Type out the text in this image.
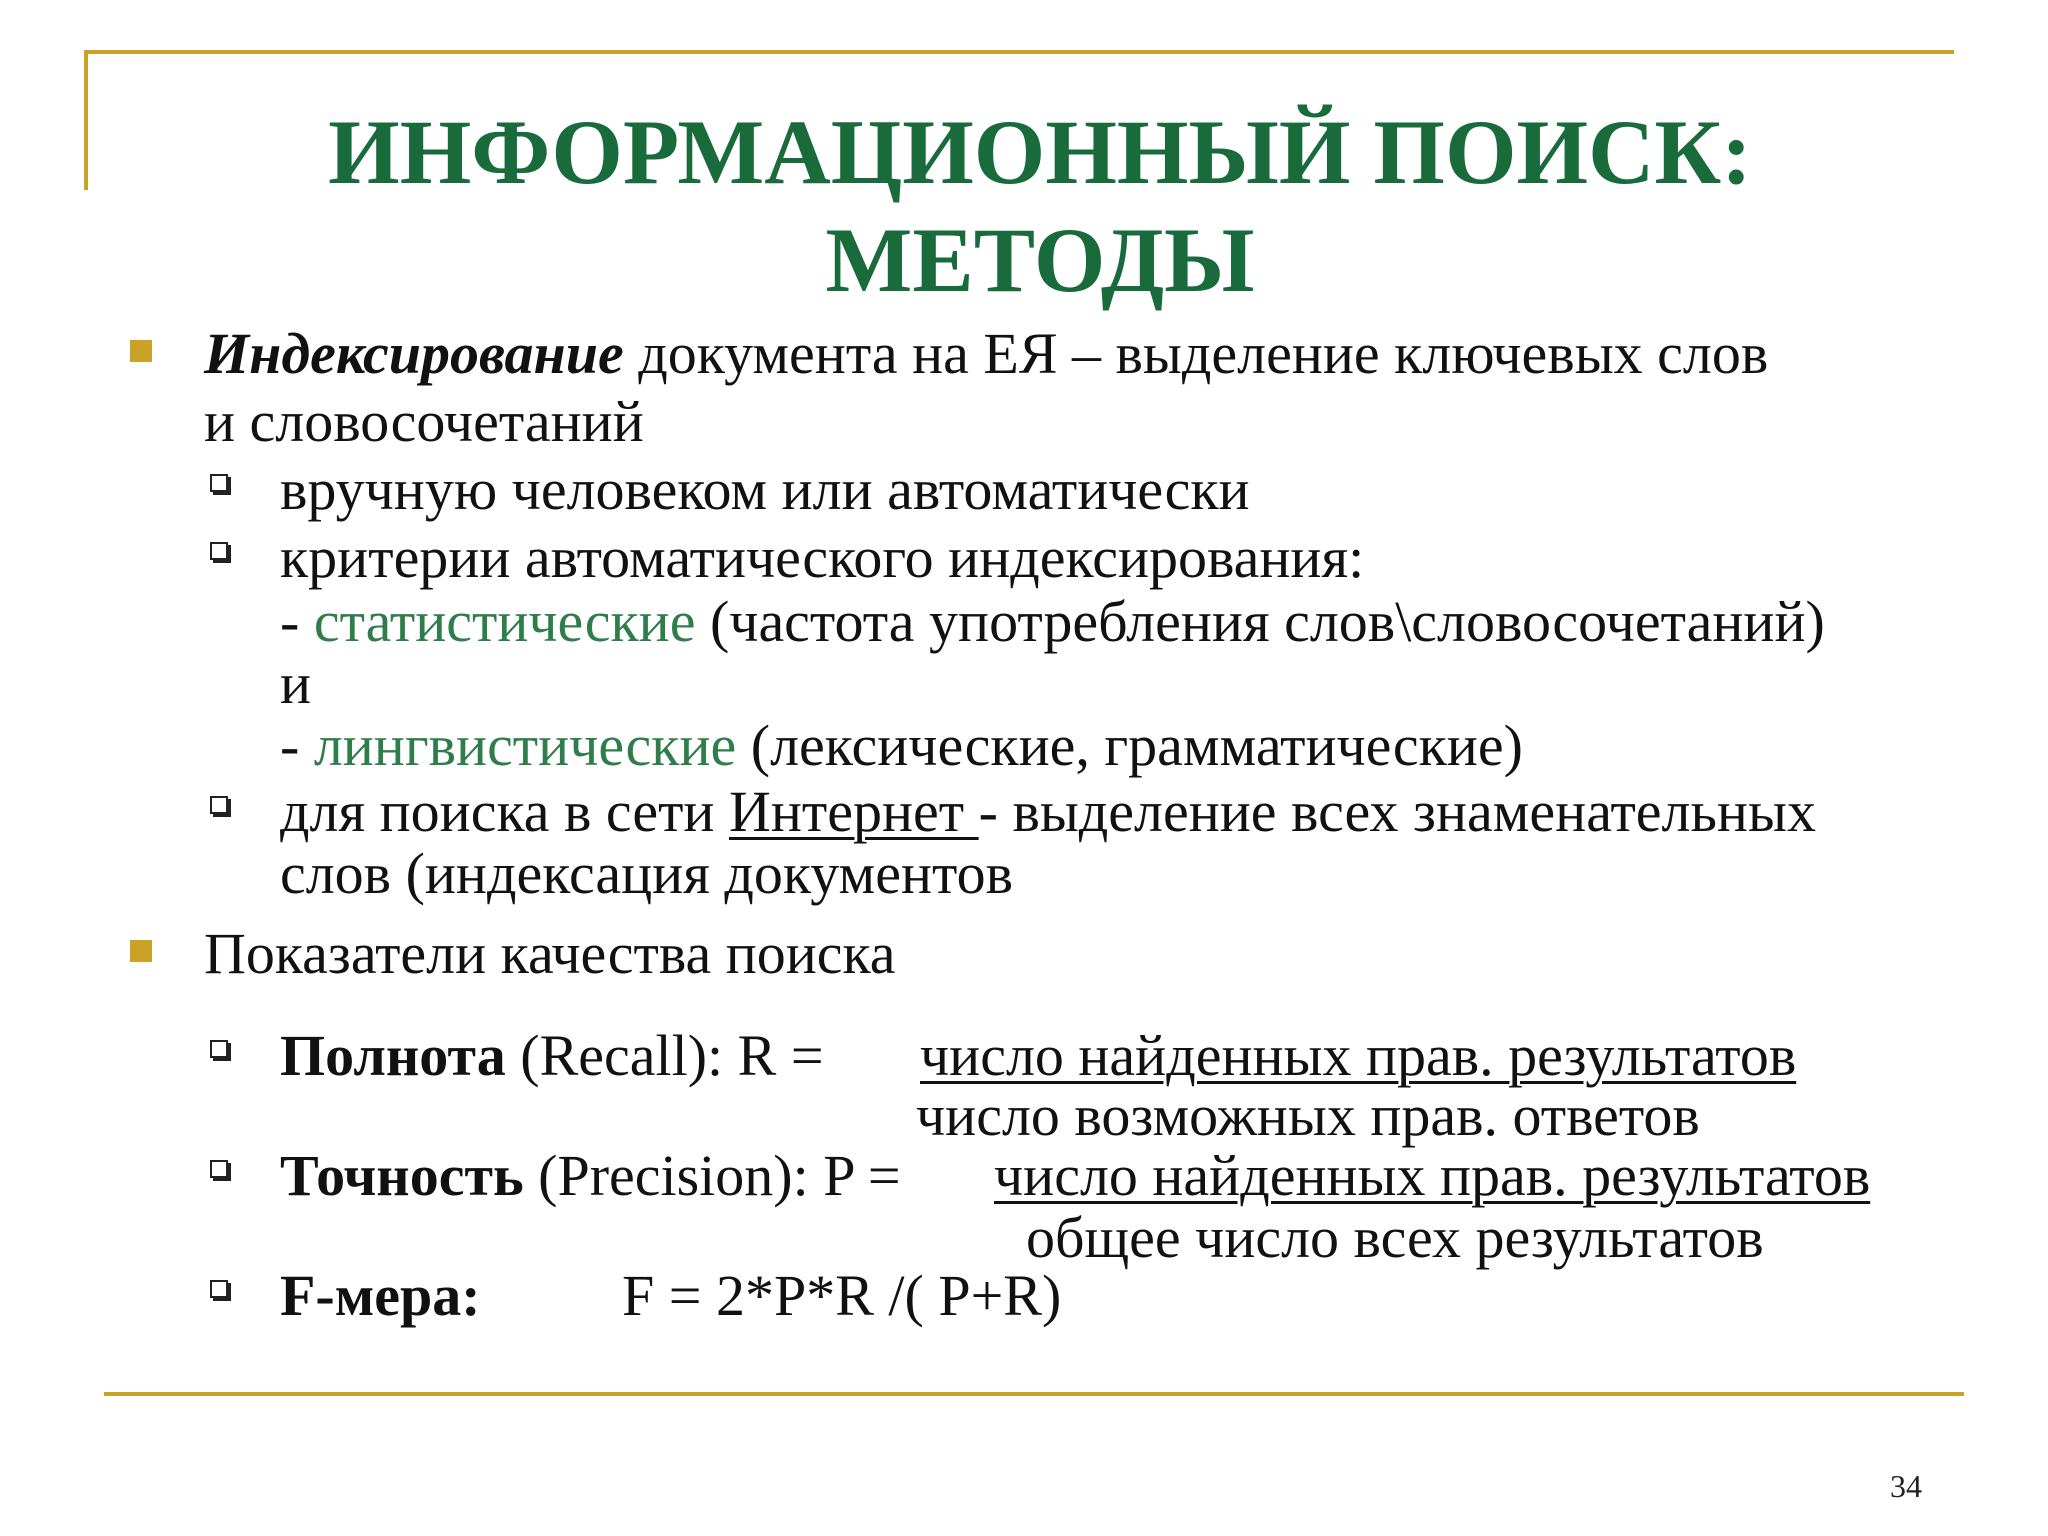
ИНФОРМАЦИОННЫЙ ПОИСК:
МЕТОДЫ
Индексирование документа на ЕЯ – выделение ключевых слов
и словосочетаний
вручную человеком или автоматически
критерии автоматического индексирования:
- статистические (частота употребления слов\словосочетаний)
и
- лингвистические (лексические, грамматические)
для поиска в сети Интернет - выделение всех знаменательных
слов (индексация документов
Показатели качества поиска
Полнота (Recall): R = число найденных прав. результатов
число возможных прав. ответов
Точность (Precision): P = число найденных прав. результатов
общее число всех результатов
F-мера: F = 2*P*R /( P+R)
34
